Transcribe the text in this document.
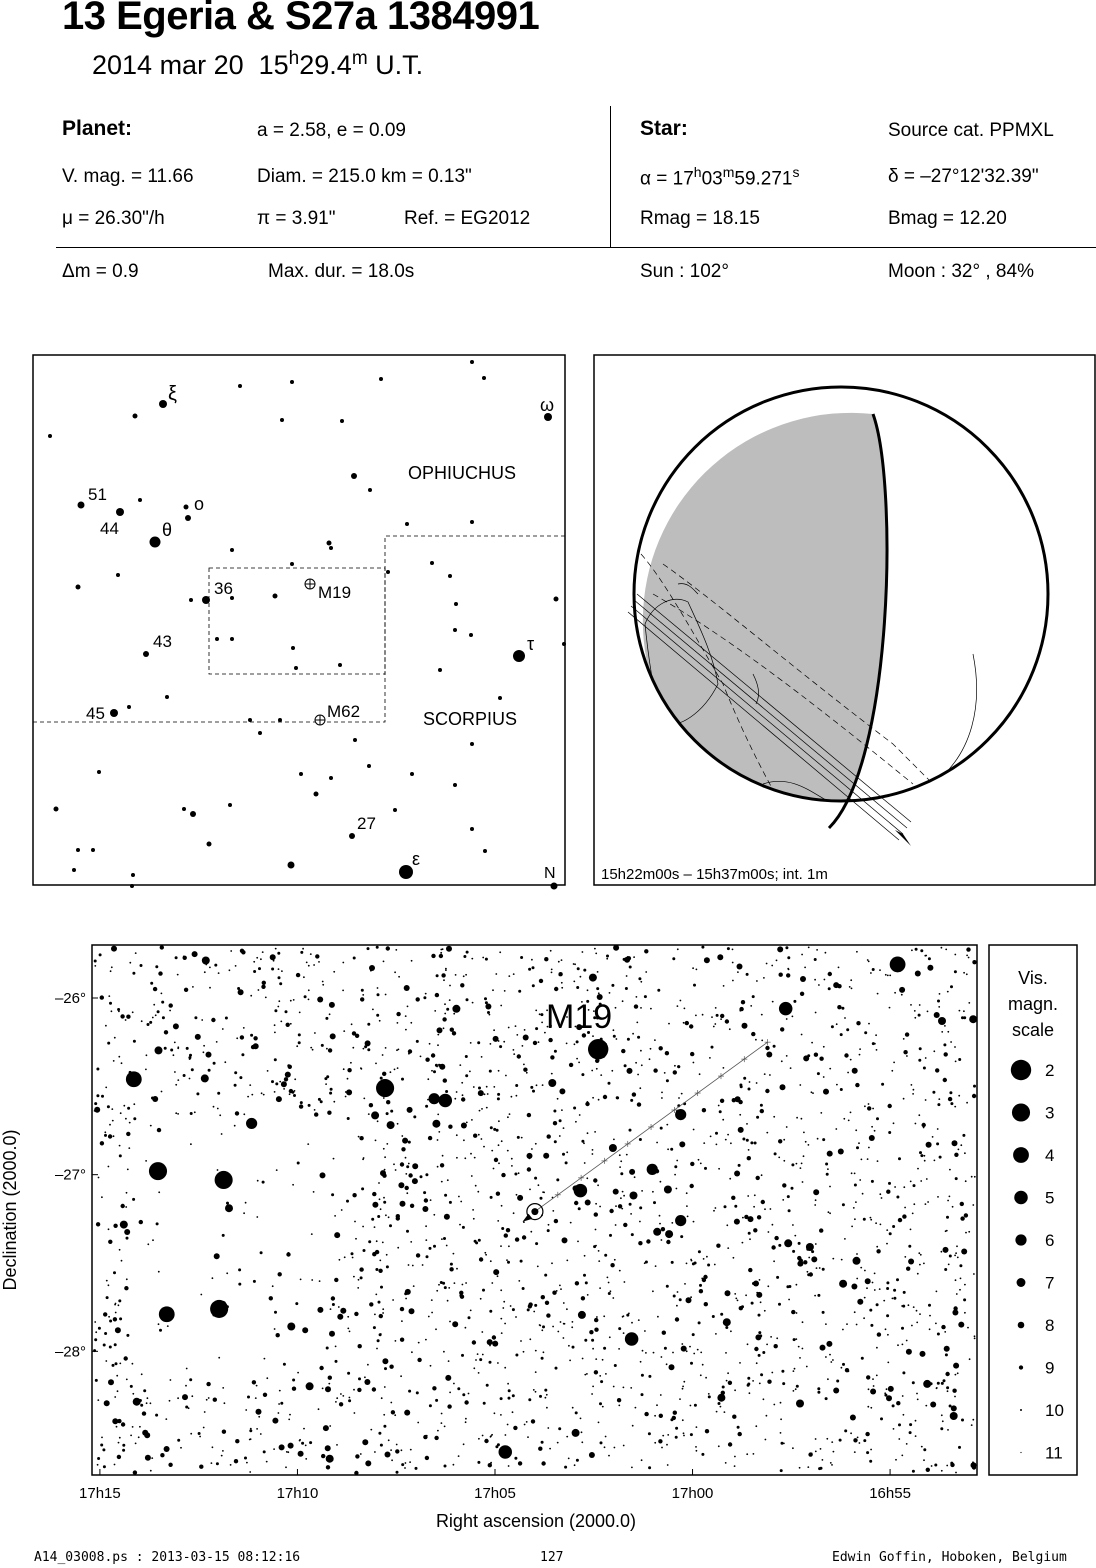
13 Egeria & S27a 1384991
2014 mar 20 15$^h$29.4$^m$ U.T.
Planet:	a = 2.58, e = 0.09
V. mag. = 11.66	Diam. = 215.0 km = 0.13"
μ = 26.30"/h	π = 3.91"	Ref. = EG2012
Δm = 0.9	Max. dur. = 18.0s
Star:	Source cat. PPMXL
$\alpha = 17^h03^m59.271^s$	δ = –27°12'32.39"
Rmag = 18.15	Bmag = 12.20
Sun : 102°	Moon : 32° , 84%
OPHIUCHUS
SCORPIUS
ξ	ω
51
44 θ
o
36
43
45
τ
27
ε
M19
M62
N	15h22m00s – 15h37m00s; int. 1m
17h15	17h10	17h05	17h00	16h55
–26°
–27°
–28°
M19
Right ascension (2000.0)
Declination (2000.0)
Vis.
magn.
scale
2
3
4
5
6
7
8
9
10
11
A14_03008.ps : 2013-03-15 08:12:16	127	Edwin Goffin, Hoboken, Belgium
